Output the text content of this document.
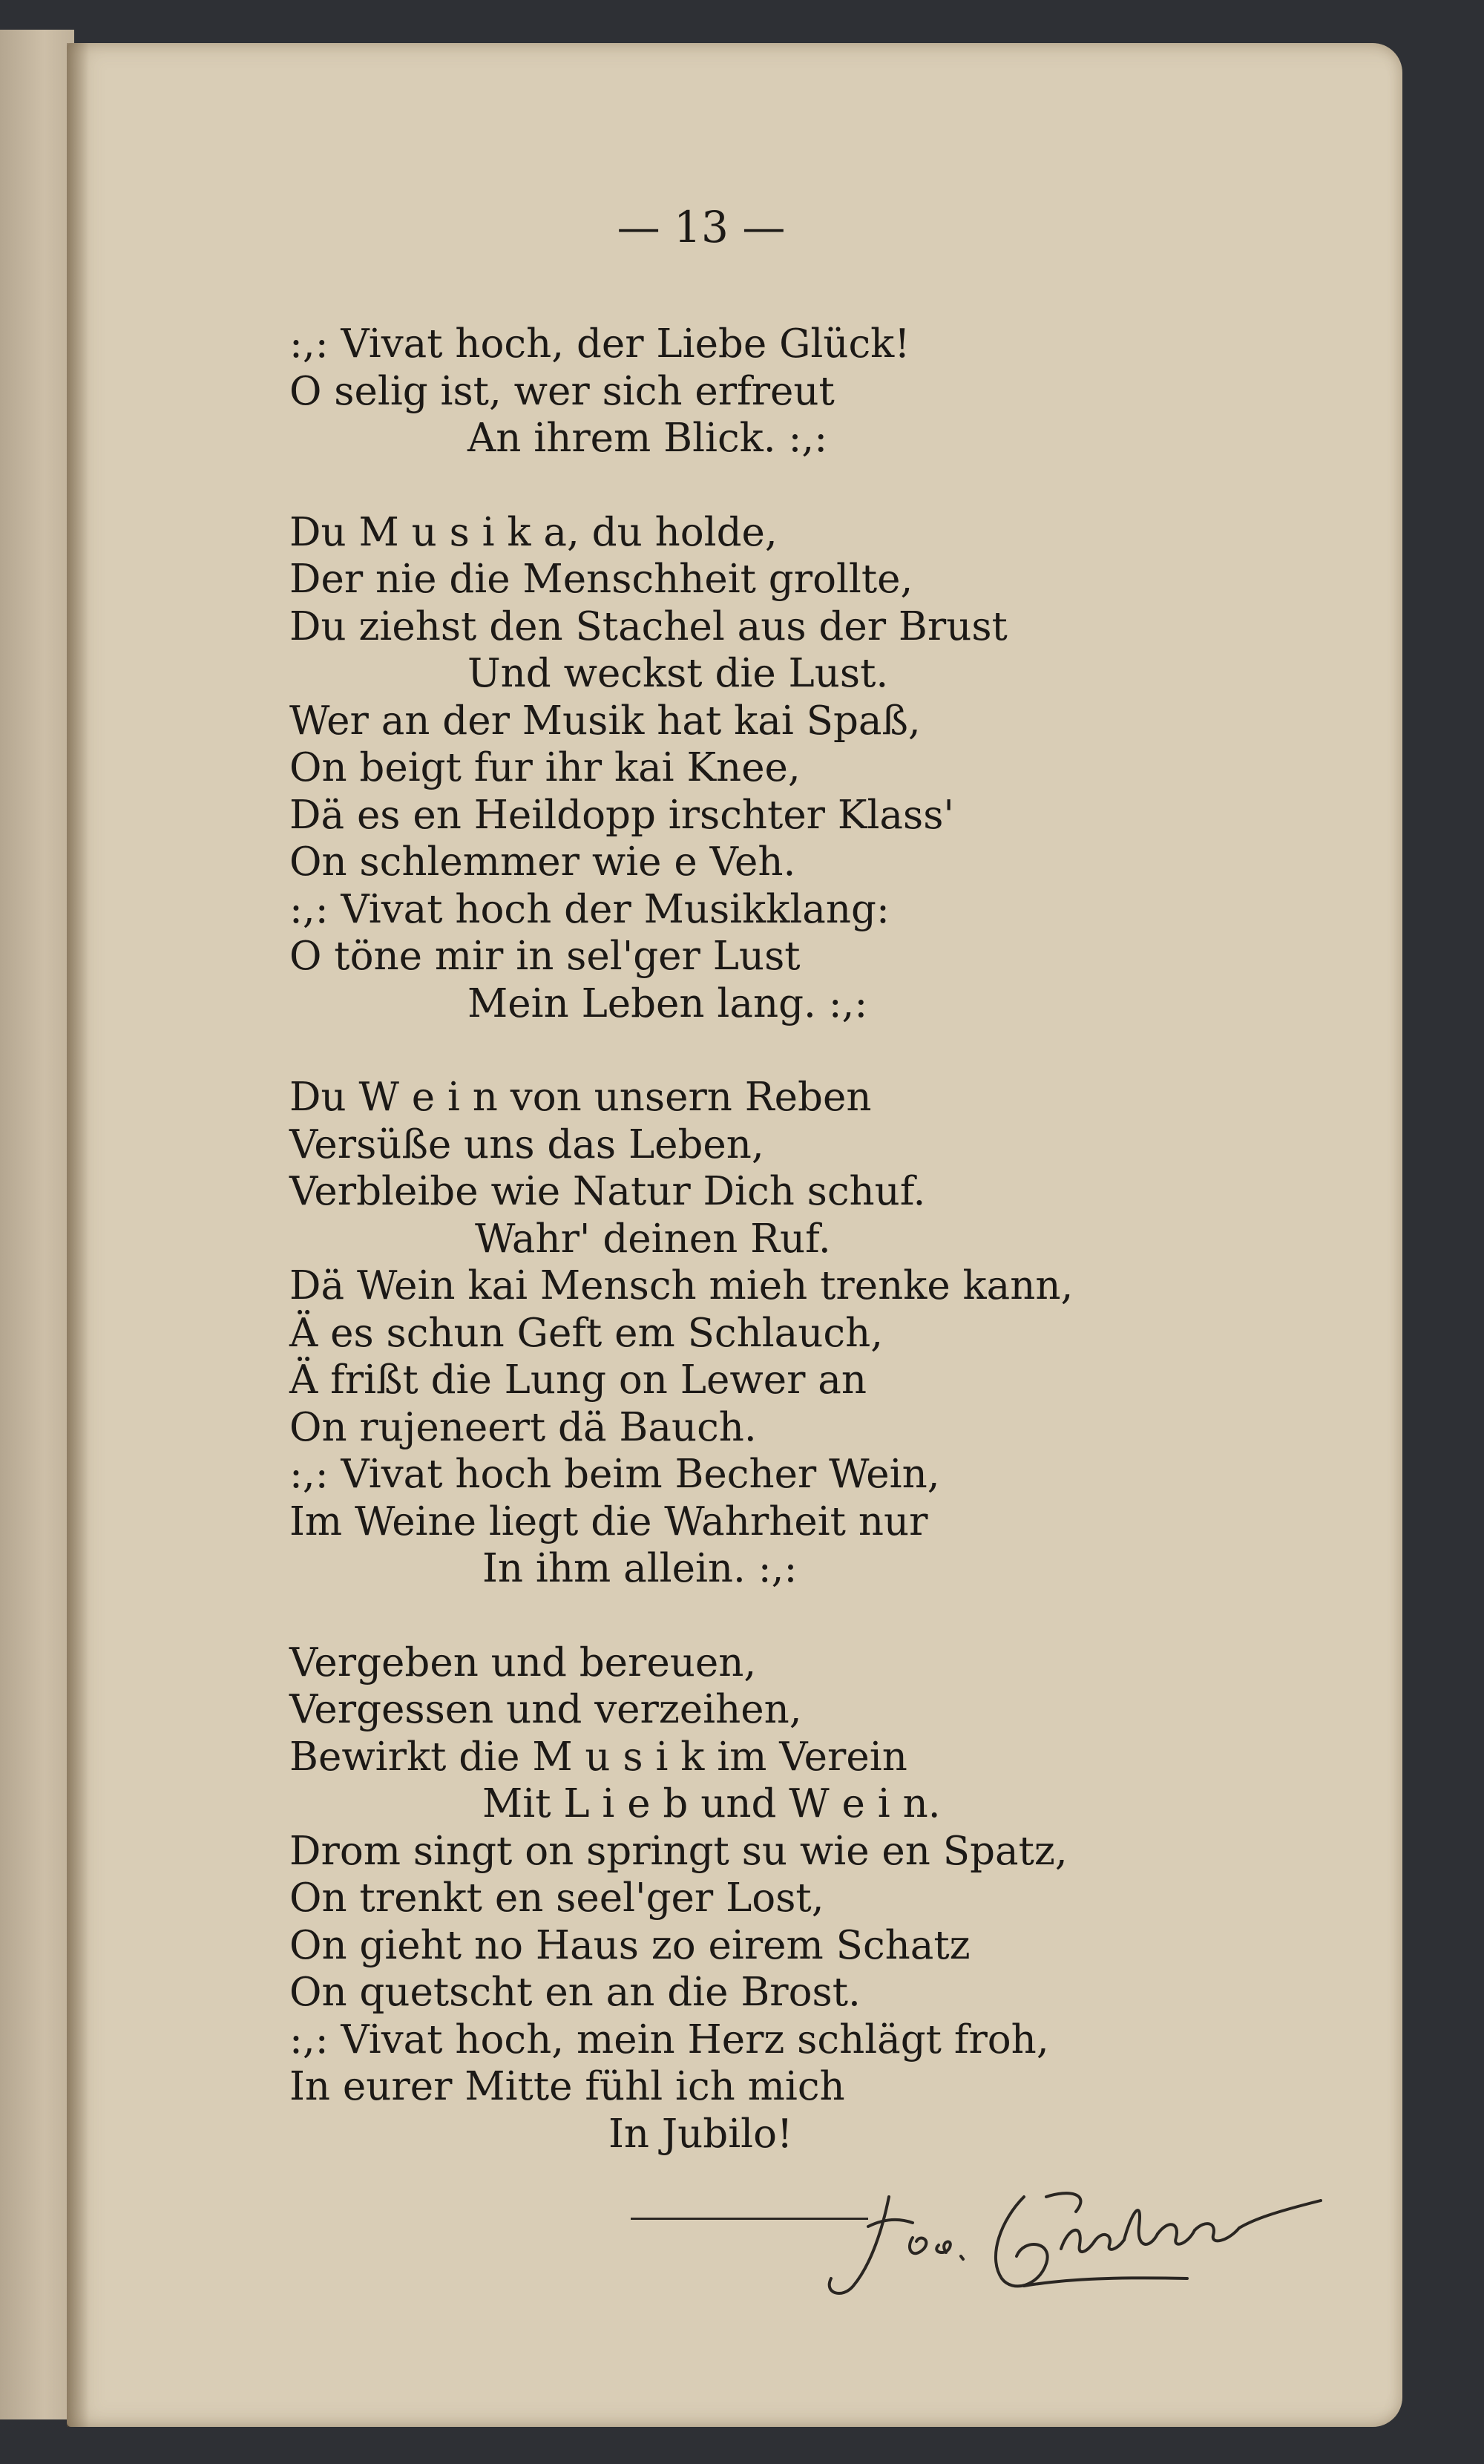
— 13 —
:,: Vivat hoch, der Liebe Glück!
O selig ist, wer sich erfreut
An ihrem Blick. :,:
Du M u s i k a, du holde,
Der nie die Menschheit grollte,
Du ziehst den Stachel aus der Brust
Und weckst die Lust.
Wer an der Musik hat kai Spaß,
On beigt fur ihr kai Knee,
Dä es en Heildopp irschter Klass'
On schlemmer wie e Veh.
:,: Vivat hoch der Musikklang:
O töne mir in sel'ger Lust
Mein Leben lang. :,:
Du W e i n von unsern Reben
Versüße uns das Leben,
Verbleibe wie Natur Dich schuf.
Wahr' deinen Ruf.
Dä Wein kai Mensch mieh trenke kann,
Ä es schun Geft em Schlauch,
Ä frißt die Lung on Lewer an
On rujeneert dä Bauch.
:,: Vivat hoch beim Becher Wein,
Im Weine liegt die Wahrheit nur
In ihm allein. :,:
Vergeben und bereuen,
Vergessen und verzeihen,
Bewirkt die M u s i k im Verein
Mit L i e b und W e i n.
Drom singt on springt su wie en Spatz,
On trenkt en seel'ger Lost,
On gieht no Haus zo eirem Schatz
On quetscht en an die Brost.
:,: Vivat hoch, mein Herz schlägt froh,
In eurer Mitte fühl ich mich
In Jubilo!
